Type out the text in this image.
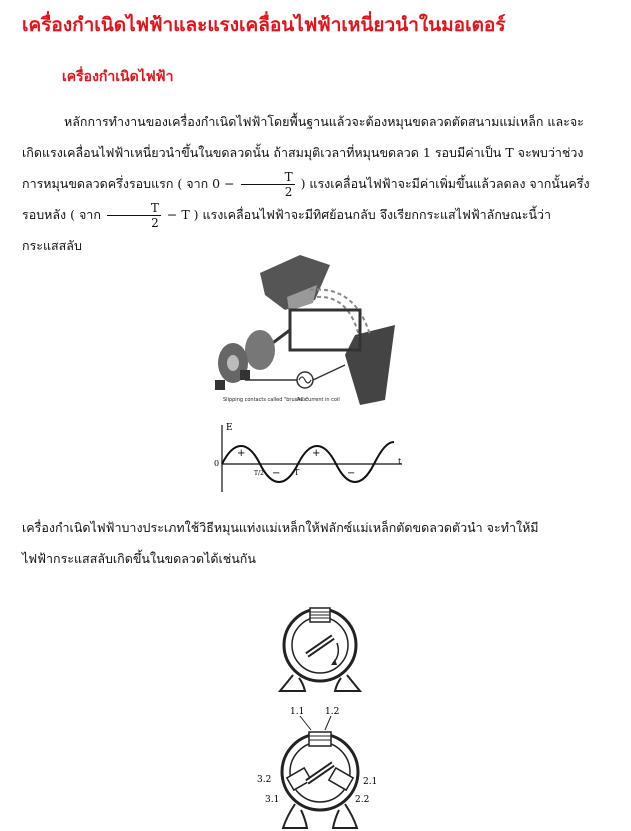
เครื่องกำเนิดไฟฟ้าและแรงเคลื่อนไฟฟ้าเหนี่ยวนำในมอเตอร์
เครื่องกำเนิดไฟฟ้า
หลักการทำงานของเครื่องกำเนิดไฟฟ้าโดยพื้นฐานแล้วจะต้องหมุนขดลวดตัดสนามแม่เหล็ก และจะเกิดแรงเคลื่อนไฟฟ้าเหนี่ยวนำขึ้นในขดลวดนั้น ถ้าสมมุติเวลาที่หมุนขดลวด 1 รอบมีค่าเป็น T จะพบว่าช่วงการหมุนขดลวดครึ่งรอบแรก ( จาก $0 - \frac{T}{2}$ ) แรงเคลื่อนไฟฟ้าจะมีค่าเพิ่มขึ้นแล้วลดลง จากนั้นครึ่งรอบหลัง ( จาก $\frac{T}{2} - T$ ) แรงเคลื่อนไฟฟ้าจะมีทิศย้อนกลับ จึงเรียกกระแสไฟฟ้าลักษณะนี้ว่ากระแสสลับ
Slipping contacts called "brushes"
AC current in coil
E
t
0
+
−
T/2	T
+
−
เครื่องกำเนิดไฟฟ้าบางประเภทใช้วิธีหมุนแท่งแม่เหล็กให้ฟลักซ์แม่เหล็กตัดขดลวดตัวนำ จะทำให้มีไฟฟ้ากระแสสลับเกิดขึ้นในขดลวดได้เช่นกัน
1.1 1.2
3.2
3.1
2.1
2.2
